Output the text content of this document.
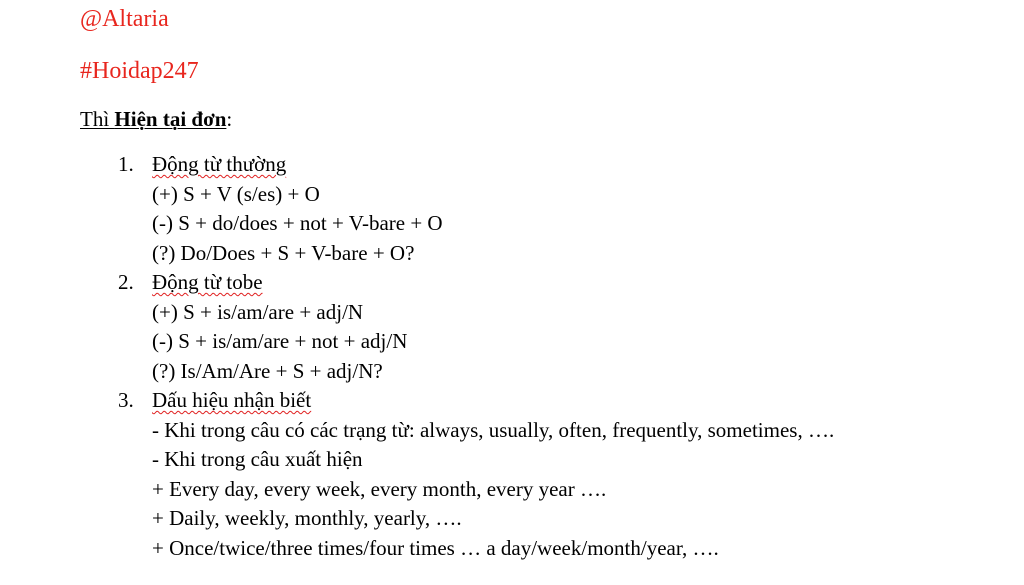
@Altaria
#Hoidap247
Thì Hiện tại đơn:
1. Động từ thường
(+) S + V (s/es) + O
(-) S + do/does + not + V-bare + O
(?) Do/Does + S + V-bare + O?
2. Động từ tobe
(+) S + is/am/are + adj/N
(-) S + is/am/are + not + adj/N
(?) Is/Am/Are + S + adj/N?
3. Dấu hiệu nhận biết
- Khi trong câu có các trạng từ: always, usually, often, frequently, sometimes, ….
- Khi trong câu xuất hiện
+ Every day, every week, every month, every year ….
+ Daily, weekly, monthly, yearly, ….
+ Once/twice/three times/four times … a day/week/month/year, ….
